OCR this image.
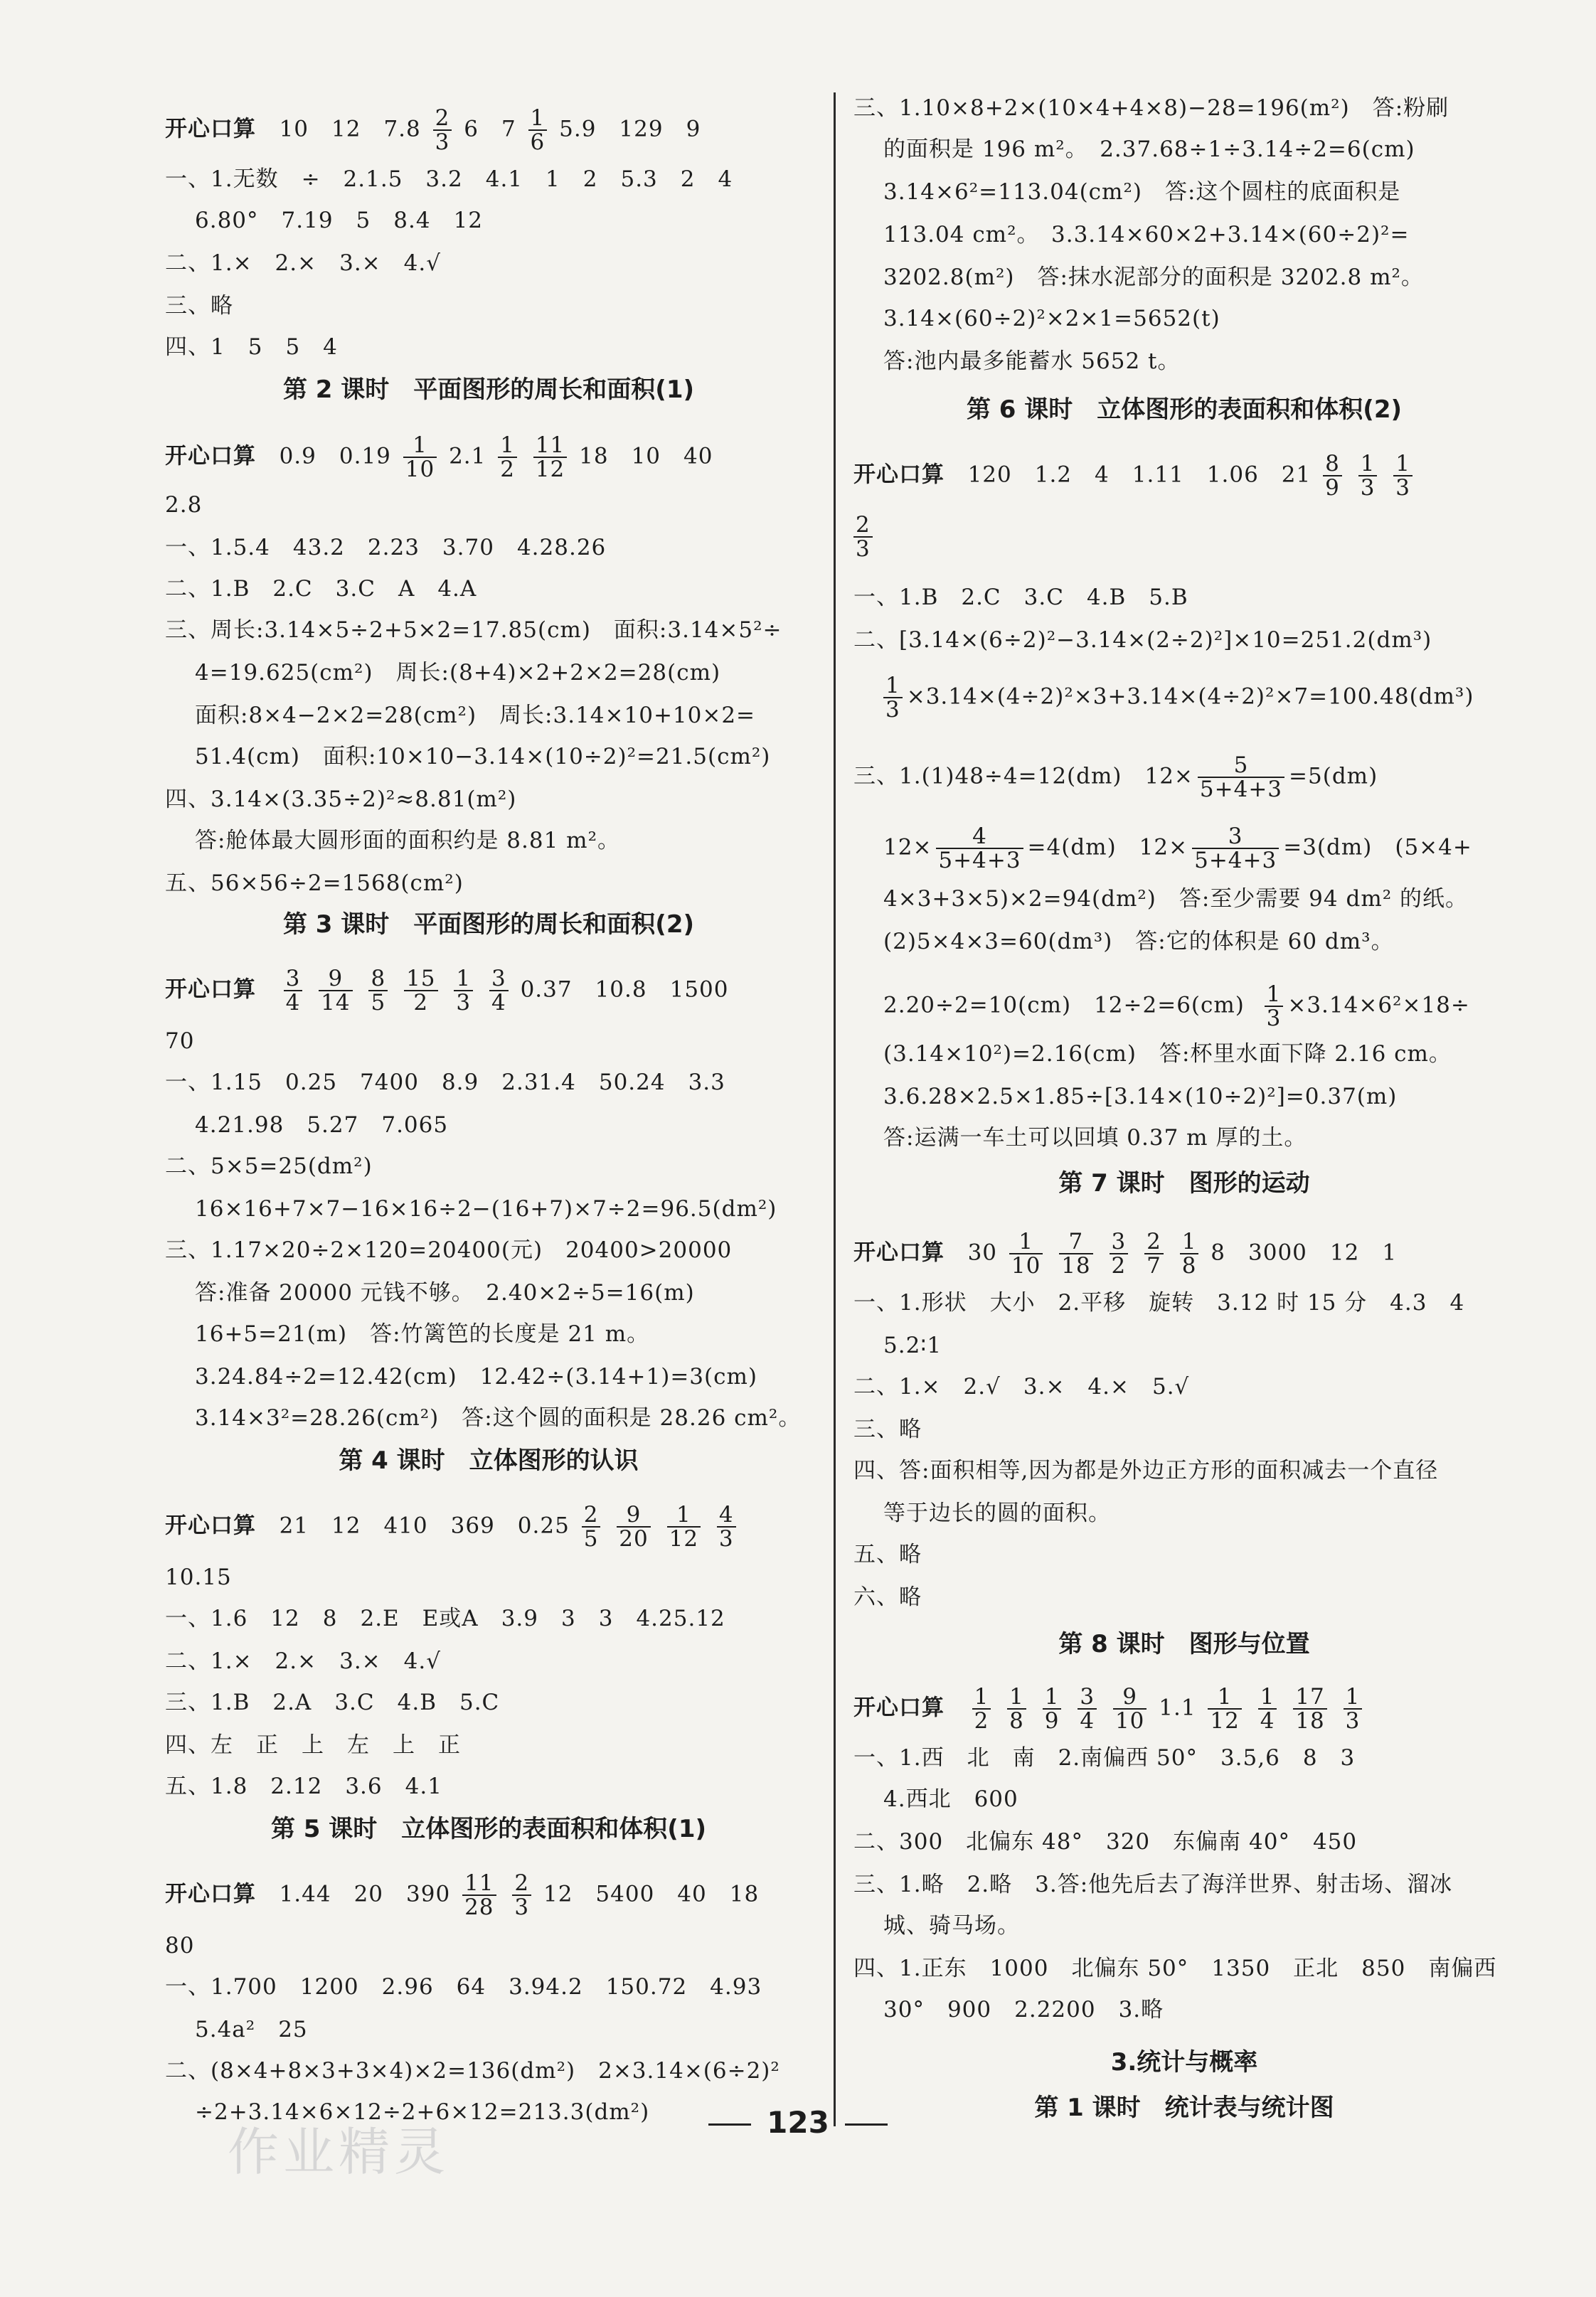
开心口算 10　12　$7.8 \frac{2}{3} 6$　$7 \frac{1}{6} 5.9$　129　9
一、1.无数　÷　2.1.5　3.2　4.1　1　2　5.3　2　4
6.80°　7.19　5　8.4　12
二、1.×　2.×　3.×　4.√
三、略
四、1　5　5　4
第 2 课时　平面图形的周长和面积(1)
开心口算 0.9　$0.19 \frac{1}{10} 2.1 \frac{1}{2}$
$\frac{11}{12} 18$　10　40
2.8
一、1.5.4　43.2　2.23　3.70　4.28.26
二、1.B　2.C　3.C　A　4.A
三、周长:3.14×5÷2+5×2=17.85(cm)　面积:3.14×5²÷
4=19.625(cm²)　周长:(8+4)×2+2×2=28(cm)
面积:8×4−2×2=28(cm²)　周长:3.14×10+10×2=
51.4(cm)　面积:10×10−3.14×(10÷2)²=21.5(cm²)
四、3.14×(3.35÷2)²≈8.81(m²)
答:舱体最大圆形面的面积约是 8.81 m²。
五、56×56÷2=1568(cm²)
第 3 课时　平面图形的周长和面积(2)
开心口算 $\frac{3}{4}$
$\frac{9}{14}$
$\frac{8}{5}$
$\frac{15}{2}$
$\frac{1}{3}$
$\frac{3}{4} 0.37$　10.8　1500
70
一、1.15　0.25　7400　8.9　2.31.4　50.24　3.3
4.21.98　5.27　7.065
二、5×5=25(dm²)
16×16+7×7−16×16÷2−(16+7)×7÷2=96.5(dm²)
三、1.17×20÷2×120=20400(元)　20400>20000
答:准备 20000 元钱不够。　2.40×2÷5=16(m)
16+5=21(m)　答:竹篱笆的长度是 21 m。
3.24.84÷2=12.42(cm)　12.42÷(3.14+1)=3(cm)
3.14×3²=28.26(cm²)　答:这个圆的面积是 28.26 cm²。
第 4 课时　立体图形的认识
开心口算 21　12　410　369　$0.25 \frac{2}{5}$
$\frac{9}{20}$
$\frac{1}{12}$
$\frac{4}{3}$
10.15
一、1.6　12　8　2.E　E或A　3.9　3　3　4.25.12
二、1.×　2.×　3.×　4.√
三、1.B　2.A　3.C　4.B　5.C
四、左　正　上　左　上　正
五、1.8　2.12　3.6　4.1
第 5 课时　立体图形的表面积和体积(1)
开心口算 1.44　20　$390 \frac{11}{28}$
$\frac{2}{3} 12$　5400　40　18
80
一、1.700　1200　2.96　64　3.94.2　150.72　4.93
5.4a²　25
二、(8×4+8×3+3×4)×2=136(dm²)　2×3.14×(6÷2)²
÷2+3.14×6×12÷2+6×12=213.3(dm²)
三、1.10×8+2×(10×4+4×8)−28=196(m²)　答:粉刷
的面积是 196 m²。　2.37.68÷1÷3.14÷2=6(cm)
3.14×6²=113.04(cm²)　答:这个圆柱的底面积是
113.04 cm²。　3.3.14×60×2+3.14×(60÷2)²=
3202.8(m²)　答:抹水泥部分的面积是 3202.8 m²。
3.14×(60÷2)²×2×1=5652(t)
答:池内最多能蓄水 5652 t。
第 6 课时　立体图形的表面积和体积(2)
开心口算 120　1.2　4　1.11　1.06　$21 \frac{8}{9}$
$\frac{1}{3}$
$\frac{1}{3}$
$\frac{2}{3}$
一、1.B　2.C　3.C　4.B　5.B
二、[3.14×(6÷2)²−3.14×(2÷2)²]×10=251.2(dm³)
$\frac{1}{3} \times 3.14\times(4\div 2)^2\times 3+3.14\times(4\div 2)^2\times 7=100.48(dm^3)$
三、1.(1)48÷4=12(dm)　$12\times \frac{5}{5+4+3} =5(dm)$
$12\times \frac{4}{5+4+3} =4(dm)$　$12\times \frac{3}{5+4+3} =3(dm)$　(5×4+
4×3+3×5)×2=94(dm²)　答:至少需要 94 dm² 的纸。
(2)5×4×3=60(dm³)　答:它的体积是 60 dm³。
2.20÷2=10(cm)　$12\div 2=6(cm) \frac{1}{3} \times 3.14\times 6^2\times 18\div$
(3.14×10²)=2.16(cm)　答:杯里水面下降 2.16 cm。
3.6.28×2.5×1.85÷[3.14×(10÷2)²]=0.37(m)
答:运满一车土可以回填 0.37 m 厚的土。
第 7 课时　图形的运动
开心口算 $30 \frac{1}{10}$
$\frac{7}{18}$
$\frac{3}{2}$
$\frac{2}{7}$
$\frac{1}{8} 8$　3000　12　1
一、1.形状　大小　2.平移　旋转　3.12 时 15 分　4.3　4
5.2∶1
二、1.×　2.√　3.×　4.×　5.√
三、略
四、答:面积相等,因为都是外边正方形的面积减去一个直径
等于边长的圆的面积。
五、略
六、略
第 8 课时　图形与位置
开心口算 $\frac{1}{2}$
$\frac{1}{8}$
$\frac{1}{9}$
$\frac{3}{4}$
$\frac{9}{10} 1.1 \frac{1}{12}$
$\frac{1}{4}$
$\frac{17}{18}$
$\frac{1}{3}$
一、1.西　北　南　2.南偏西 50°　3.5,6　8　3
4.西北　600
二、300　北偏东 48°　320　东偏南 40°　450
三、1.略　2.略　3.答:他先后去了海洋世界、射击场、溜冰
城、骑马场。
四、1.正东　1000　北偏东 50°　1350　正北　850　南偏西
30°　900　2.2200　3.略
3.统计与概率
第 1 课时　统计表与统计图
作业精灵	123
